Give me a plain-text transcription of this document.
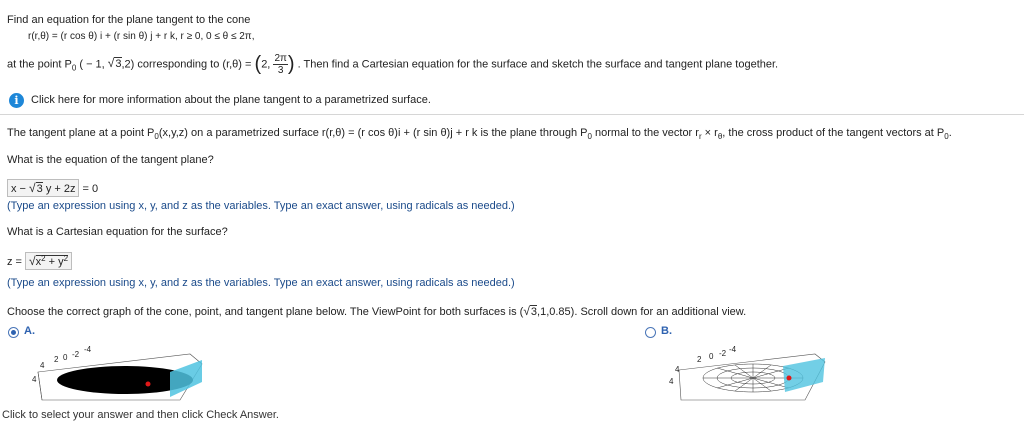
Find an equation for the plane tangent to the cone
r(r,θ) = (r cos θ) i + (r sin θ) j + r k, r ≥ 0, 0 ≤ θ ≤ 2π,
at the point $P_0$ ( − 1, √3,2) corresponding to (r,θ) = (2, $\frac{2\pi}{3}$ ) . Then find a Cartesian equation for the surface and sketch the surface and tangent plane together.
i	Click here for more information about the plane tangent to a parametrized surface.
The tangent plane at a point $P_0(x,y,z)$ on a parametrized surface r(r,θ) = (r cos θ)i + (r sin θ)j + r k is the plane through $P_0$ normal to the vector $r_r \times r_\theta$, the cross product of the tangent vectors at $P_0$.
What is the equation of the tangent plane?
x − √3 y + 2z = 0
(Type an expression using x, y, and z as the variables. Type an exact answer, using radicals as needed.)
What is a Cartesian equation for the surface?
$z = √x^2 + y^2$
(Type an expression using x, y, and z as the variables. Type an exact answer, using radicals as needed.)
Choose the correct graph of the cone, point, and tangent plane below. The ViewPoint for both surfaces is (√3,1,0.85). Scroll down for an additional view.
A.	B.
2 0 -2
-4
4
4
2 0 -2 -4
4
4
Click to select your answer and then click Check Answer.
